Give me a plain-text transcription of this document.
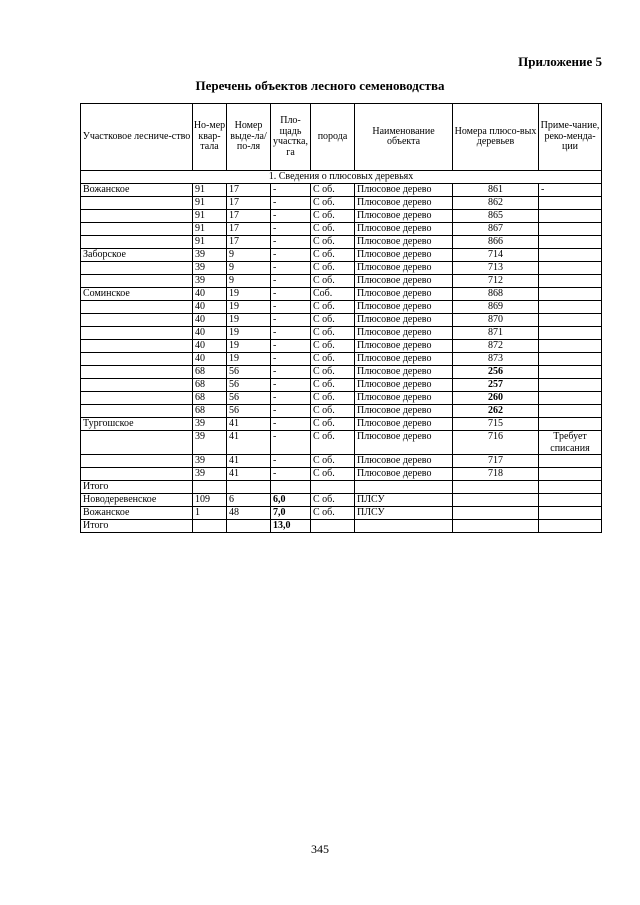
Приложение 5
Перечень объектов лесного семеноводства
Участковое лесниче-ство	Но-мер квар-тала	Номер выде-ла/ по-ля	Пло-щадь участка, га	порода	Наименование объекта	Номера плюсо-вых деревьев	Приме-чание, реко-менда-ции
1. Сведения о плюсовых деревьях							
Вожанское	91	17	-	С об.	Плюсовое дерево	861	-
	91	17	-	С об.	Плюсовое дерево	862	
	91	17	-	С об.	Плюсовое дерево	865	
	91	17	-	С об.	Плюсовое дерево	867	
	91	17	-	С об.	Плюсовое дерево	866	
Заборское	39	9	-	С об.	Плюсовое дерево	714	
	39	9	-	С об.	Плюсовое дерево	713	
	39	9	-	С об.	Плюсовое дерево	712	
Соминское	40	19	-	Соб.	Плюсовое дерево	868	
	40	19	-	С об.	Плюсовое дерево	869	
	40	19	-	С об.	Плюсовое дерево	870	
	40	19	-	С об.	Плюсовое дерево	871	
	40	19	-	С об.	Плюсовое дерево	872	
	40	19	-	С об.	Плюсовое дерево	873	
	68	56	-	С об.	Плюсовое дерево	256	
	68	56	-	С об.	Плюсовое дерево	257	
	68	56	-	С об.	Плюсовое дерево	260	
	68	56	-	С об.	Плюсовое дерево	262	
Тургошское	39	41	-	С об.	Плюсовое дерево	715	
	39	41	-	С об.	Плюсовое дерево	716	Требует списания
	39	41	-	С об.	Плюсовое дерево	717	
	39	41	-	С об.	Плюсовое дерево	718	
Итого							
Новодеревенское	109	6	6,0	С об.	ПЛСУ		
Вожанское	1	48	7,0	С об.	ПЛСУ		
Итого			13,0				
345
